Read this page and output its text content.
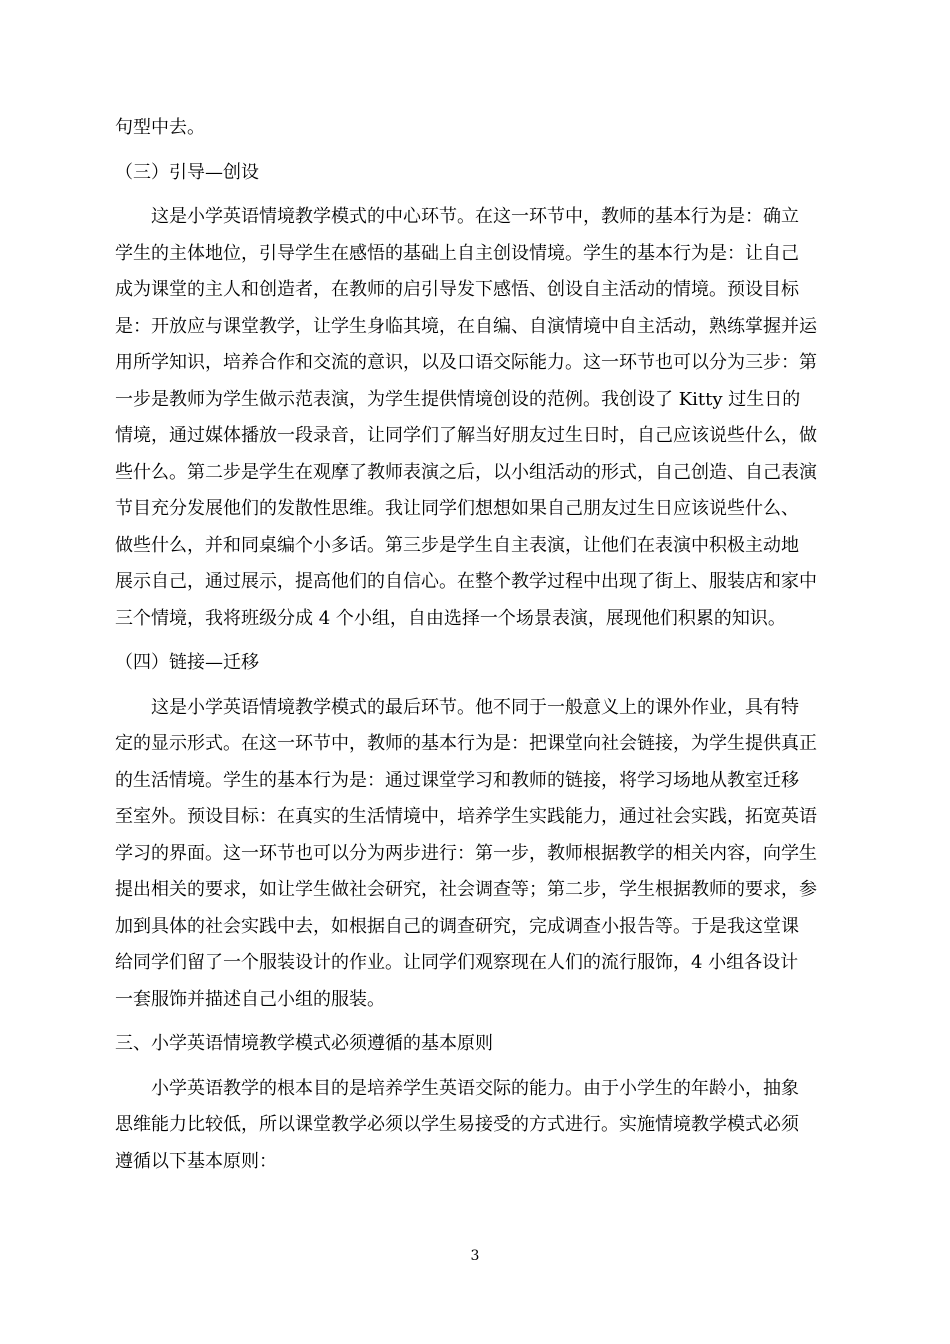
句型中去。

（三）引导—创设

这是小学英语情境教学模式的中心环节。在这一环节中，教师的基本行为是：确立

学生的主体地位，引导学生在感悟的基础上自主创设情境。学生的基本行为是：让自己

成为课堂的主人和创造者，在教师的启引导发下感悟、创设自主活动的情境。预设目标

是：开放应与课堂教学，让学生身临其境，在自编、自演情境中自主活动，熟练掌握并运

用所学知识，培养合作和交流的意识，以及口语交际能力。这一环节也可以分为三步：第

一步是教师为学生做示范表演，为学生提供情境创设的范例。我创设了 Kitty 过生日的

情境，通过媒体播放一段录音，让同学们了解当好朋友过生日时，自己应该说些什么，做

些什么。第二步是学生在观摩了教师表演之后，以小组活动的形式，自己创造、自己表演

节目充分发展他们的发散性思维。我让同学们想想如果自己朋友过生日应该说些什么、

做些什么，并和同桌编个小多话。第三步是学生自主表演，让他们在表演中积极主动地

展示自己，通过展示，提高他们的自信心。在整个教学过程中出现了街上、服装店和家中

三个情境，我将班级分成 4 个小组，自由选择一个场景表演，展现他们积累的知识。

（四）链接—迁移

这是小学英语情境教学模式的最后环节。他不同于一般意义上的课外作业，具有特

定的显示形式。在这一环节中，教师的基本行为是：把课堂向社会链接，为学生提供真正

的生活情境。学生的基本行为是：通过课堂学习和教师的链接，将学习场地从教室迁移

至室外。预设目标：在真实的生活情境中，培养学生实践能力，通过社会实践，拓宽英语

学习的界面。这一环节也可以分为两步进行：第一步，教师根据教学的相关内容，向学生

提出相关的要求，如让学生做社会研究，社会调查等；第二步，学生根据教师的要求，参

加到具体的社会实践中去，如根据自己的调查研究，完成调查小报告等。于是我这堂课

给同学们留了一个服装设计的作业。让同学们观察现在人们的流行服饰，4 小组各设计

一套服饰并描述自己小组的服装。

三、小学英语情境教学模式必须遵循的基本原则

小学英语教学的根本目的是培养学生英语交际的能力。由于小学生的年龄小，抽象

思维能力比较低，所以课堂教学必须以学生易接受的方式进行。实施情境教学模式必须

遵循以下基本原则：

3
